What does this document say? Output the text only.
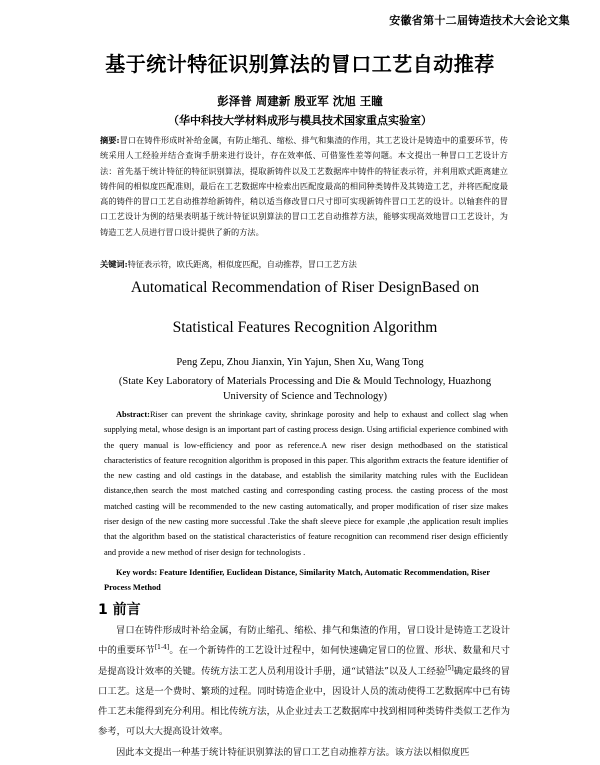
安徽省第十二届铸造技术大会论文集
基于统计特征识别算法的冒口工艺自动推荐
彭泽普 周建新 殷亚军 沈旭 王瞳
（华中科技大学材料成形与模具技术国家重点实验室）
摘要:冒口在铸件形成时补给金属，有防止缩孔、缩松、排气和集渣的作用，其工艺设计是铸造中的重要环节，传统采用人工经验并结合查询手册来进行设计，存在效率低、可借鉴性差等问题。本文提出一种冒口工艺设计方法：首先基于统计特征的特征识别算法，提取新铸件以及工艺数据库中铸件的特征表示符，并利用欧式距离建立铸件间的相似度匹配准则，最后在工艺数据库中检索出匹配度最高的相同种类铸件及其铸造工艺，并将匹配度最高的铸件的冒口工艺自动推荐给新铸件，稍以适当修改冒口尺寸即可实现新铸件冒口工艺的设计。以轴套件的冒口工艺设计为例的结果表明基于统计特征识别算法的冒口工艺自动推荐方法，能够实现高效地冒口工艺设计，为铸造工艺人员进行冒口设计提供了新的方法。
关键词:特征表示符，欧氏距离，相似度匹配，自动推荐，冒口工艺方法
Automatical Recommendation of Riser DesignBased on Statistical Features Recognition Algorithm
Peng Zepu, Zhou Jianxin, Yin Yajun, Shen Xu, Wang Tong
(State Key Laboratory of Materials Processing and Die & Mould Technology, Huazhong University of Science and Technology)
Abstract:Riser can prevent the shrinkage cavity, shrinkage porosity and help to exhaust and collect slag when supplying metal, whose design is an important part of casting process design. Using artificial experience combined with the query manual is low-efficiency and poor as reference.A new riser design methodbased on the statistical characteristics of feature recognition algorithm is proposed in this paper. This algorithm extracts the feature identifier of the new casting and old castings in the database, and establish the similarity matching rules with the Euclidean distance,then search the most matched casting and corresponding casting process. the casting process of the most matched casting will be recommended to the new casting automatically, and proper modification of riser size makes riser design of the new casting more successful .Take the shaft sleeve piece for example ,the application result implies that the algorithm based on the statistical characteristics of feature recognition can recommend riser design efficiently and provide a new method of riser design for technologists .
Key words: Feature Identifier, Euclidean Distance, Similarity Match, Automatic Recommendation, Riser Process Method
1 前言
冒口在铸件形成时补给金属，有防止缩孔、缩松、排气和集渣的作用，冒口设计是铸造工艺设计中的重要环节[1-4]。在一个新铸件的工艺设计过程中，如何快速确定冒口的位置、形状、数量和尺寸是提高设计效率的关键。传统方法工艺人员利用设计手册，通“试错法”以及人工经验[5]确定最终的冒口工艺。这是一个费时、繁琐的过程。同时铸造企业中，因设计人员的流动使得工艺数据库中已有铸件工艺未能得到充分利用。相比传统方法，从企业过去工艺数据库中找到相同种类铸件类似工艺作为参考，可以大大提高设计效率。
因此本文提出一种基于统计特征识别算法的冒口工艺自动推荐方法。该方法以相似度匹
